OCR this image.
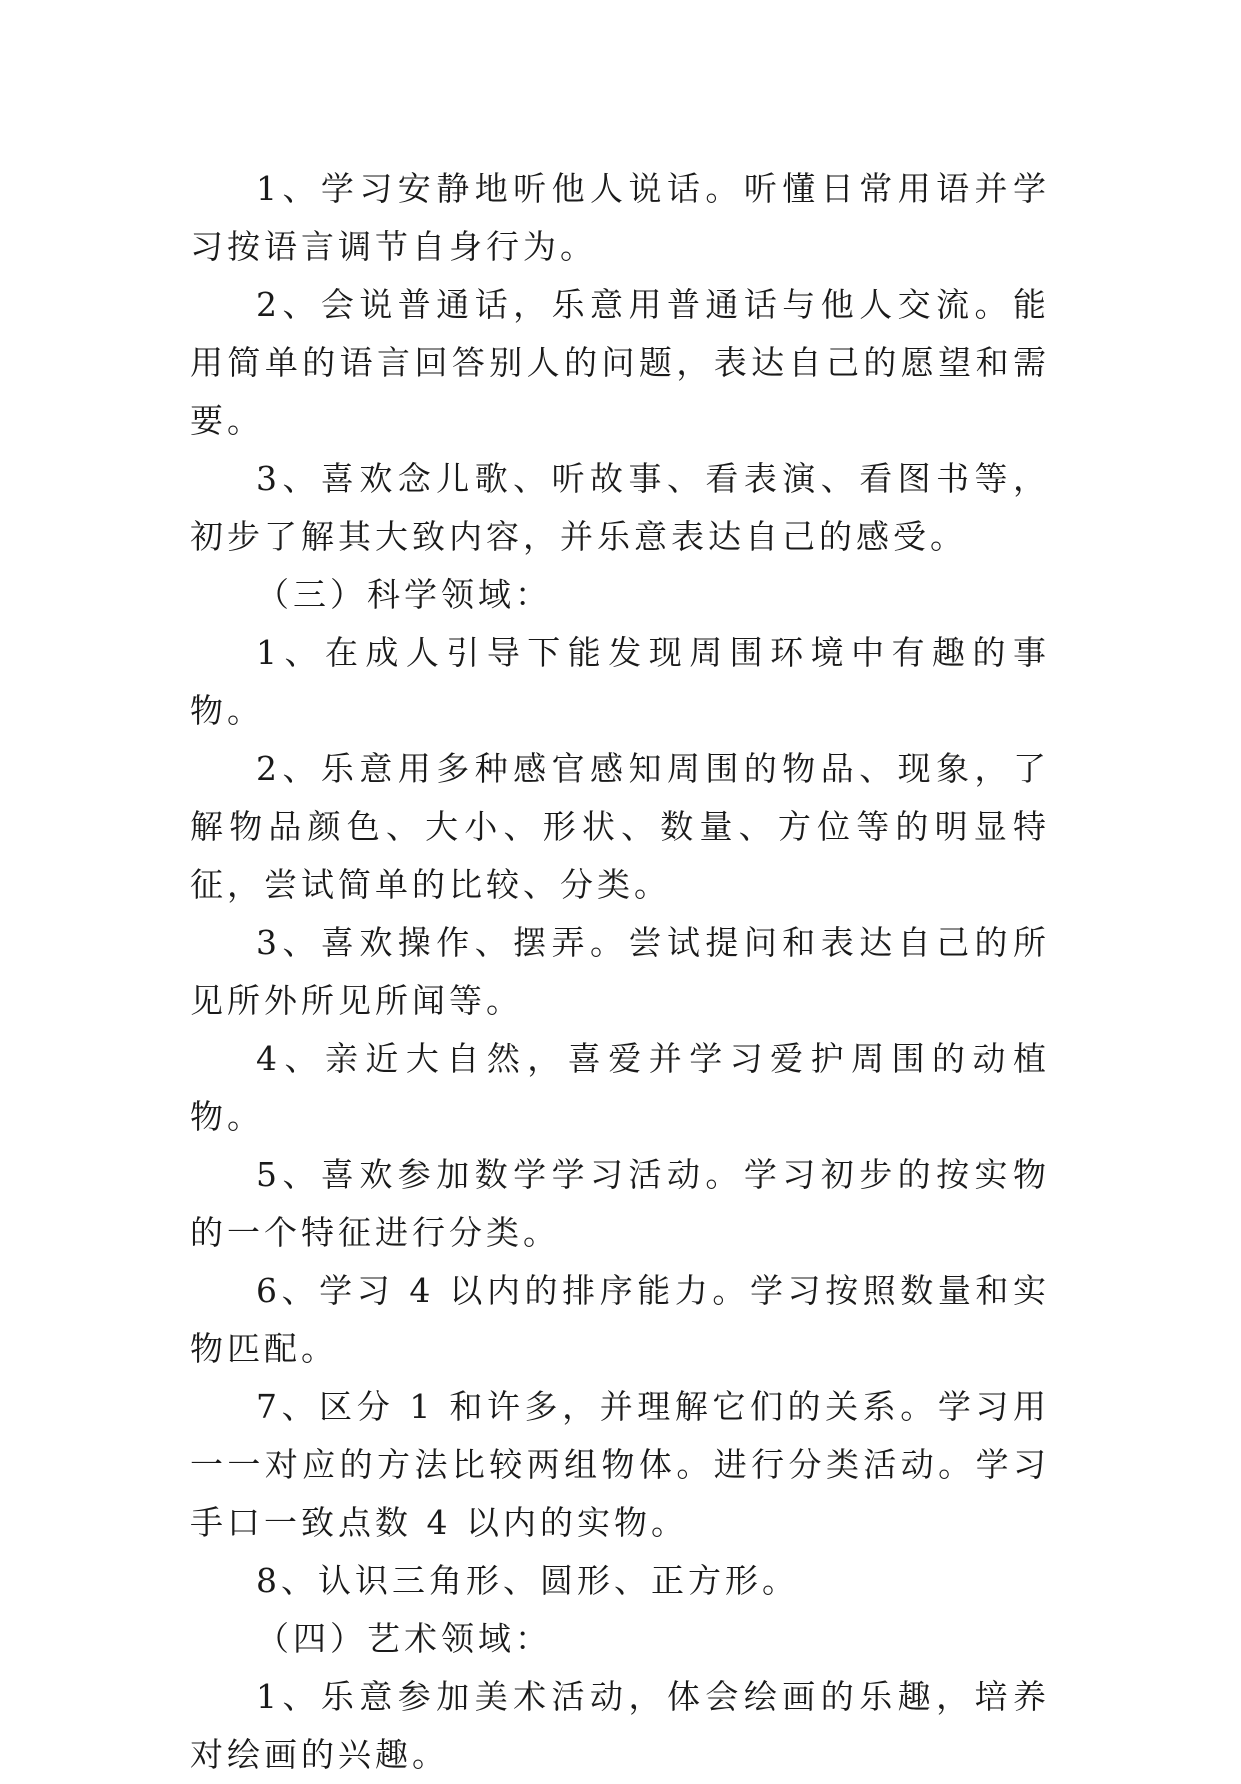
1、学习安静地听他人说话。听懂日常用语并学习按语言调节自身行为。

2、会说普通话，乐意用普通话与他人交流。能用简单的语言回答别人的问题，表达自己的愿望和需要。

3、喜欢念儿歌、听故事、看表演、看图书等，初步了解其大致内容，并乐意表达自己的感受。

（三）科学领域：

1、在成人引导下能发现周围环境中有趣的事物。

2、乐意用多种感官感知周围的物品、现象，了解物品颜色、大小、形状、数量、方位等的明显特征，尝试简单的比较、分类。

3、喜欢操作、摆弄。尝试提问和表达自己的所见所外所见所闻等。

4、亲近大自然，喜爱并学习爱护周围的动植物。

5、喜欢参加数学学习活动。学习初步的按实物的一个特征进行分类。

6、学习 4 以内的排序能力。学习按照数量和实物匹配。

7、区分 1 和许多，并理解它们的关系。学习用一一对应的方法比较两组物体。进行分类活动。学习手口一致点数 4 以内的实物。

8、认识三角形、圆形、正方形。

（四）艺术领域：

1、乐意参加美术活动，体会绘画的乐趣，培养对绘画的兴趣。
